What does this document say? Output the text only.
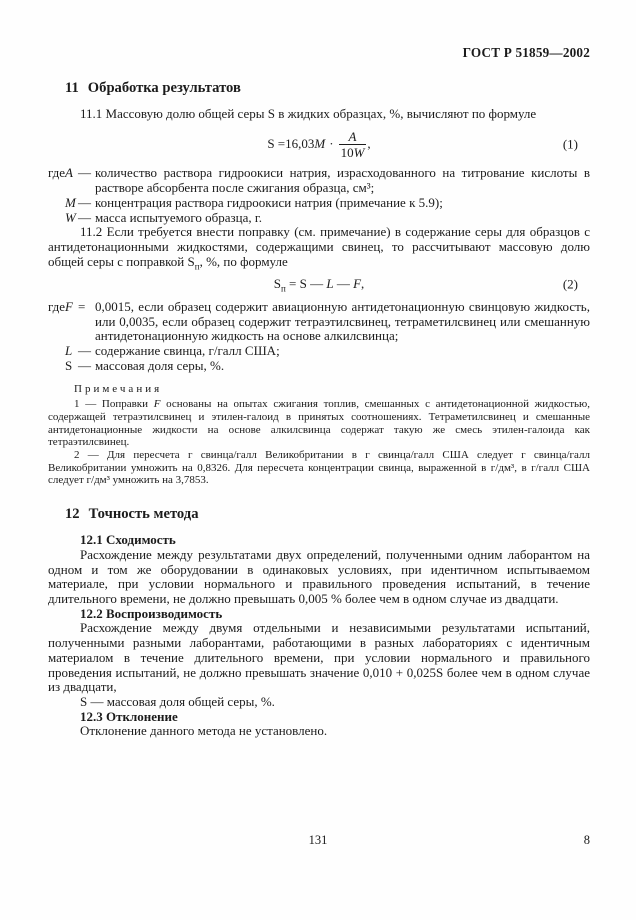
ГОСТ Р 51859—2002
11 Обработка результатов

11.1 Массовую долю общей серы S в жидких образцах, %, вычисляют по формуле

$S =16,03M \cdot \frac{A}{10W}$ ,	(1)
где A — количество раствора гидроокиси натрия, израсходованного на титрование кислоты в растворе абсорбента после сжигания образца, см³;
M — концентрация раствора гидроокиси натрия (примечание к 5.9);
W — масса испытуемого образца, г.

11.2 Если требуется внести поправку (см. примечание) в содержание серы для образцов с антидетонационными жидкостями, содержащими свинец, то рассчитывают массовую долю общей серы с поправкой $S_п$, %, по формуле

$S_п = S$ — L — F,	(2)
где F = 0,0015, если образец содержит авиационную антидетонационную свинцовую жидкость, или 0,0035, если образец содержит тетраэтилсвинец, тетраметилсвинец или смешанную антидетонационную жидкость на основе алкилсвинца;
L — содержание свинца, г/галл США;
S — массовая доля серы, %.
Примечания

1 — Поправки F основаны на опытах сжигания топлив, смешанных с антидетонационной жидкостью, содержащей тетраэтилсвинец и этилен-галоид в принятых соотношениях. Тетраметилсвинец и смешанные антидетонационные жидкости на основе алкилсвинца содержат такую же смесь этилен-галоида как тетраэтилсвинец.

2 — Для пересчета г свинца/галл Великобритании в г свинца/галл США следует г свинца/галл Великобритании умножить на 0,8326. Для пересчета концентрации свинца, выраженной в г/дм³, в г/галл США следует г/дм³ умножить на 3,7853.

12 Точность метода

12.1 Сходимость

Расхождение между результатами двух определений, полученными одним лаборантом на одном и том же оборудовании в одинаковых условиях, при идентичном испытываемом материале, при условии нормального и правильного проведения испытаний, в течение длительного времени, не должно превышать 0,005 % более чем в одном случае из двадцати.

12.2 Воспроизводимость

Расхождение между двумя отдельными и независимыми результатами испытаний, полученными разными лаборантами, работающими в разных лабораториях с идентичным материалом в течение длительного времени, при условии нормального и правильного проведения испытаний, не должно превышать значение 0,010 + 0,025S более чем в одном случае из двадцати,

S — массовая доля общей серы, %.

12.3 Отклонение

Отклонение данного метода не установлено.

131	8
